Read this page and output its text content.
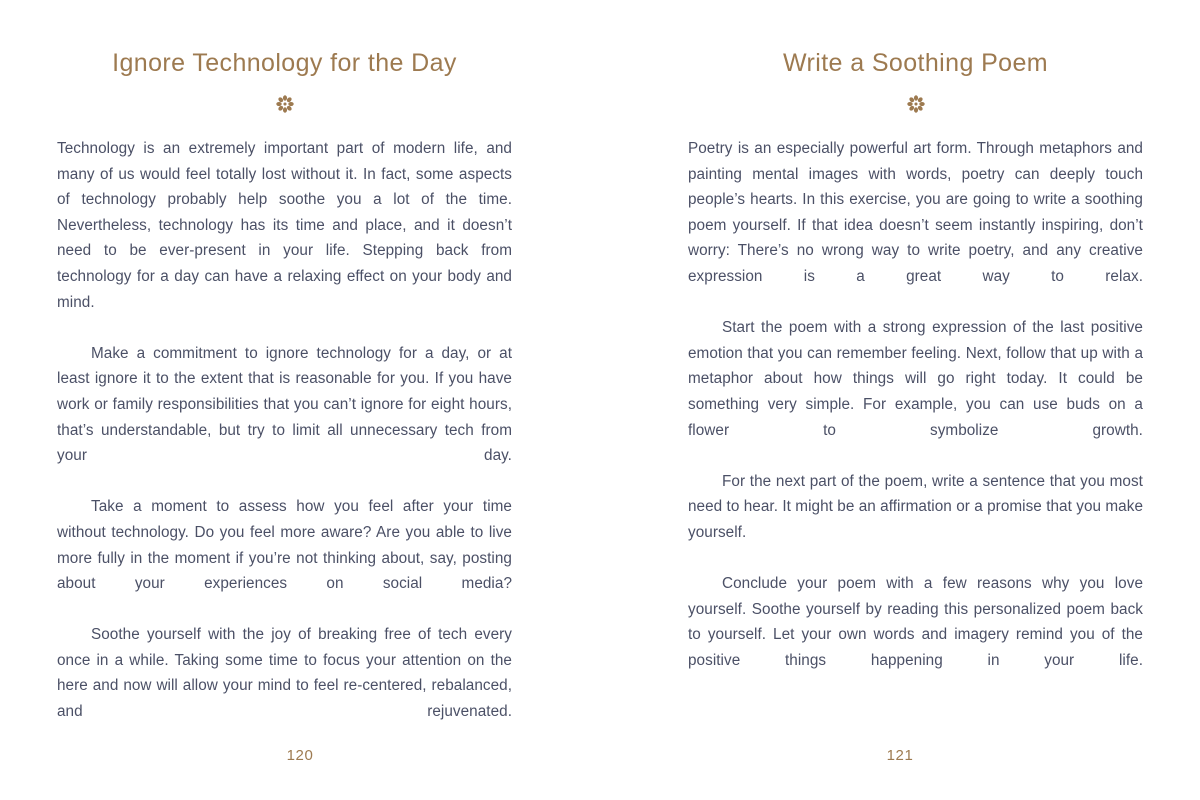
Ignore Technology for the Day

Technology is an extremely important part of modern life, and many of us would feel totally lost without it. In fact, some aspects of technology probably help soothe you a lot of the time. Nevertheless, technology has its time and place, and it doesn’t need to be ever-present in your life. Stepping back from technology for a day can have a relaxing effect on your body and mind.

Make a commitment to ignore technology for a day, or at least ignore it to the extent that is reasonable for you. If you have work or family responsibilities that you can’t ignore for eight hours, that’s understandable, but try to limit all unnecessary tech from your day.

Take a moment to assess how you feel after your time without technology. Do you feel more aware? Are you able to live more fully in the moment if you’re not thinking about, say, posting about your experiences on social media?

Soothe yourself with the joy of breaking free of tech every once in a while. Taking some time to focus your attention on the here and now will allow your mind to feel re-centered, rebalanced, and rejuvenated.

120
Write a Soothing Poem

Poetry is an especially powerful art form. Through metaphors and painting mental images with words, poetry can deeply touch people’s hearts. In this exercise, you are going to write a soothing poem yourself. If that idea doesn’t seem instantly inspiring, don’t worry: There’s no wrong way to write poetry, and any creative expression is a great way to relax.

Start the poem with a strong expression of the last positive emotion that you can remember feeling. Next, follow that up with a metaphor about how things will go right today. It could be something very simple. For example, you can use buds on a flower to symbolize growth.

For the next part of the poem, write a sentence that you most need to hear. It might be an affirmation or a promise that you make yourself.

Conclude your poem with a few reasons why you love yourself. Soothe yourself by reading this personalized poem back to yourself. Let your own words and imagery remind you of the positive things happening in your life.

121
